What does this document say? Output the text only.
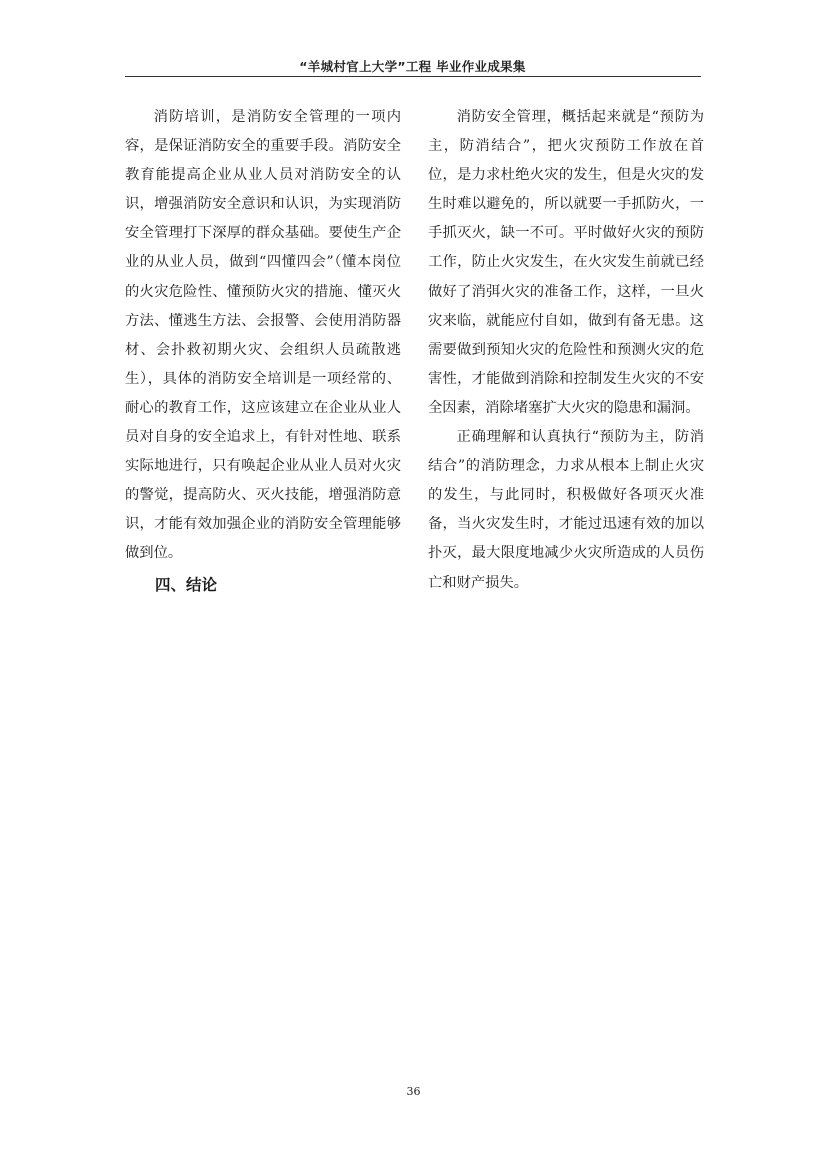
“羊城村官上大学”工程 毕业作业成果集

消防培训，是消防安全管理的一项内容，是保证消防安全的重要手段。消防安全教育能提高企业从业人员对消防安全的认识，增强消防安全意识和认识，为实现消防安全管理打下深厚的群众基础。要使生产企业的从业人员，做到“四懂四会”（懂本岗位的火灾危险性、懂预防火灾的措施、懂灭火方法、懂逃生方法、会报警、会使用消防器材、会扑救初期火灾、会组织人员疏散逃生），具体的消防安全培训是一项经常的、耐心的教育工作，这应该建立在企业从业人员对自身的安全追求上，有针对性地、联系实际地进行，只有唤起企业从业人员对火灾的警觉，提高防火、灭火技能，增强消防意识，才能有效加强企业的消防安全管理能够做到位。

四、结论

消防安全管理，概括起来就是“预防为主，防消结合”，把火灾预防工作放在首位，是力求杜绝火灾的发生，但是火灾的发生时难以避免的，所以就要一手抓防火，一手抓灭火，缺一不可。平时做好火灾的预防工作，防止火灾发生，在火灾发生前就已经做好了消弭火灾的准备工作，这样，一旦火灾来临，就能应付自如，做到有备无患。这需要做到预知火灾的危险性和预测火灾的危害性，才能做到消除和控制发生火灾的不安全因素，消除堵塞扩大火灾的隐患和漏洞。

正确理解和认真执行“预防为主，防消结合”的消防理念，力求从根本上制止火灾的发生，与此同时，积极做好各项灭火准备，当火灾发生时，才能过迅速有效的加以扑灭，最大限度地减少火灾所造成的人员伤亡和财产损失。

36
